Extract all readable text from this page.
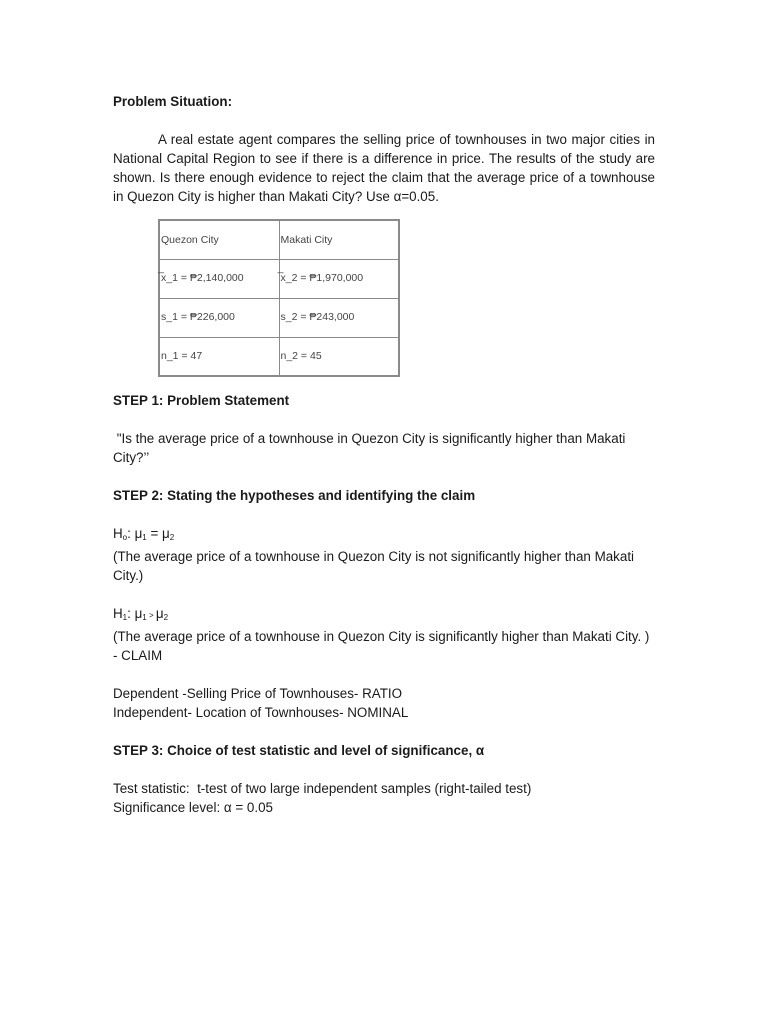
Problem Situation:

A real estate agent compares the selling price of townhouses in two major cities in National Capital Region to see if there is a difference in price. The results of the study are shown. Is there enough evidence to reject the claim that the average price of a townhouse in Quezon City is higher than Makati City? Use α=0.05.

Quezon City	Makati City
̅x_1 = ₱2,140,000	̅x_2 = ₱1,970,000
s_1 = ₱226,000	s_2 = ₱243,000
n_1 = 47	n_2 = 45

STEP 1: Problem Statement

"Is the average price of a townhouse in Quezon City is significantly higher than Makati City?’’

STEP 2: Stating the hypotheses and identifying the claim

$H_o$: $\mu_1 = \mu_2$

(The average price of a townhouse in Quezon City is not significantly higher than Makati City.)

$H_1$: $\mu_1 > \mu_2$

(The average price of a townhouse in Quezon City is significantly higher than Makati City. ) - CLAIM

Dependent -Selling Price of Townhouses- RATIO

Independent- Location of Townhouses- NOMINAL

STEP 3: Choice of test statistic and level of significance, α

Test statistic:  t-test of two large independent samples (right-tailed test)

Significance level: α = 0.05
